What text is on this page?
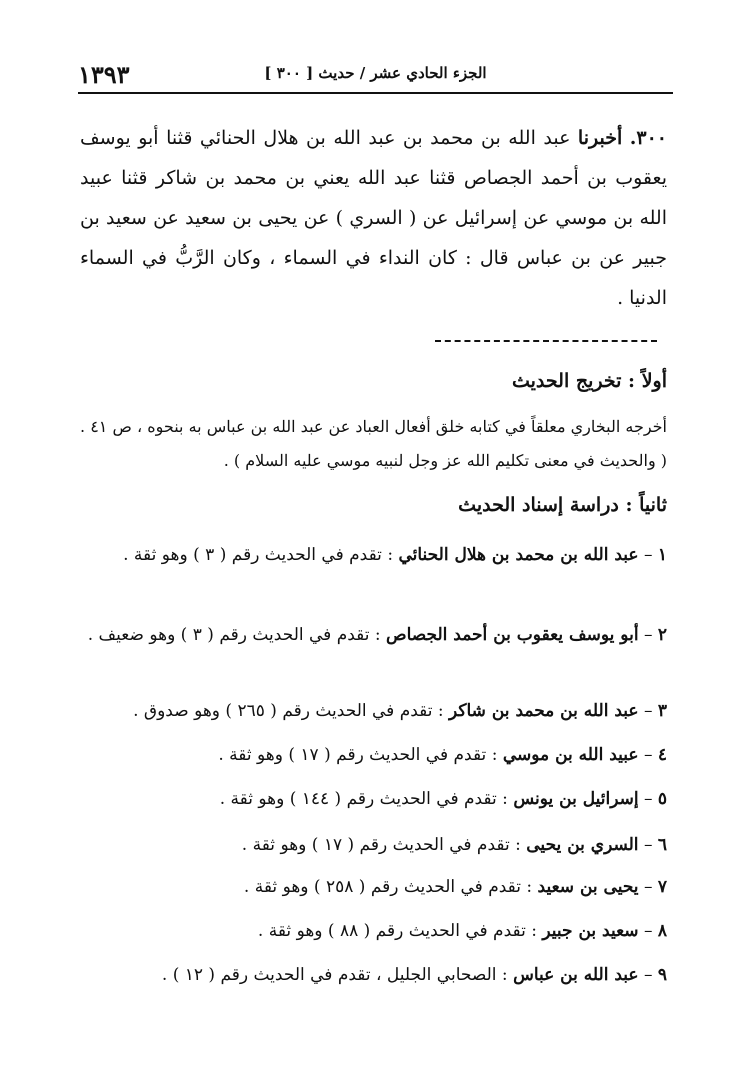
١٣٩٣	الجزء الحادي عشر / حديث [ ٣٠٠ ]

٣٠٠. أخبرنا عبد الله بن محمد بن عبد الله بن هلال الحنائي قثنا أبو يوسف يعقوب بن أحمد الجصاص قثنا عبد الله يعني بن محمد بن شاكر قثنا عبيد الله بن موسي عن إسرائيل عن ( السري ) عن يحيى بن سعيد عن سعيد بن جبير عن بن عباس قال : كان النداء في السماء ، وكان الرَّبُّ في السماء الدنيا .

أولاً : تخريج الحديث

أخرجه البخاري معلقاً في كتابه خلق أفعال العباد عن عبد الله بن عباس به بنحوه ، ص ٤١ . ( والحديث في معنى تكليم الله عز وجل لنبيه موسي عليه السلام ) .

ثانياً : دراسة إسناد الحديث
١ – عبد الله بن محمد بن هلال الحنائي : تقدم في الحديث رقم ( ٣ ) وهو ثقة .
٢ – أبو يوسف يعقوب بن أحمد الجصاص : تقدم في الحديث رقم ( ٣ ) وهو ضعيف .
٣ – عبد الله بن محمد بن شاكر : تقدم في الحديث رقم ( ٢٦٥ ) وهو صدوق .
٤ – عبيد الله بن موسي : تقدم في الحديث رقم ( ١٧ ) وهو ثقة .
٥ – إسرائيل بن يونس : تقدم في الحديث رقم ( ١٤٤ ) وهو ثقة .
٦ – السري بن يحيى : تقدم في الحديث رقم ( ١٧ ) وهو ثقة .
٧ – يحيى بن سعيد : تقدم في الحديث رقم ( ٢٥٨ ) وهو ثقة .
٨ – سعيد بن جبير : تقدم في الحديث رقم ( ٨٨ ) وهو ثقة .
٩ – عبد الله بن عباس : الصحابي الجليل ، تقدم في الحديث رقم ( ١٢ ) .
